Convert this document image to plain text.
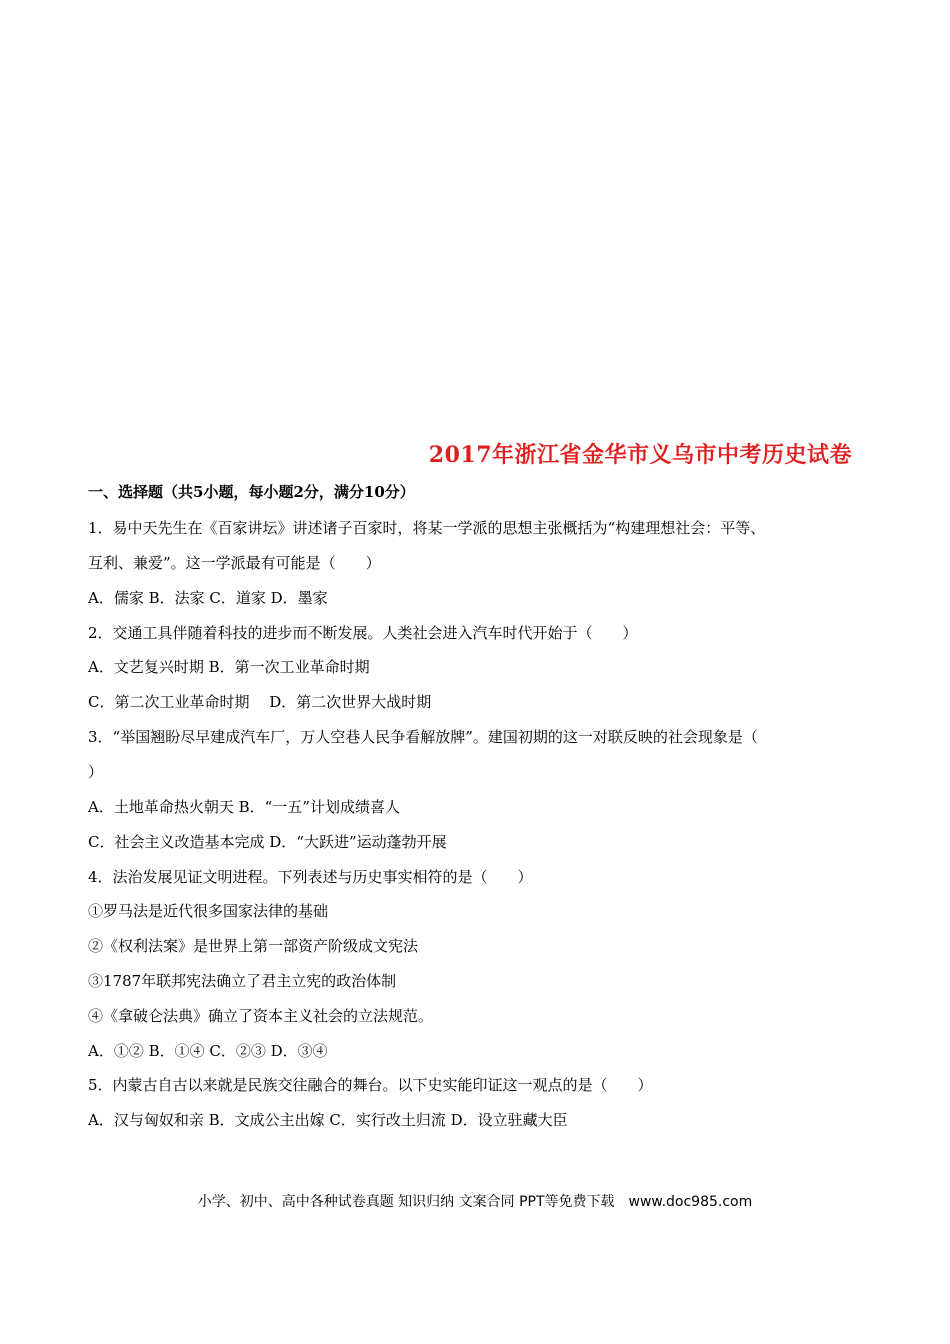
2017年浙江省金华市义乌市中考历史试卷
一、选择题（共5小题，每小题2分，满分10分）
1．易中天先生在《百家讲坛》讲述诸子百家时，将某一学派的思想主张概括为“构建理想社会：平等、
互利、兼爱”。这一学派最有可能是（　　）
A．儒家 B．法家 C．道家 D．墨家
2．交通工具伴随着科技的进步而不断发展。人类社会进入汽车时代开始于（　　）
A．文艺复兴时期 B．第一次工业革命时期
C．第二次工业革命时期　 D．第二次世界大战时期
3．“举国翘盼尽早建成汽车厂，万人空巷人民争看解放牌”。建国初期的这一对联反映的社会现象是（
）
A．土地革命热火朝天 B．“一五”计划成绩喜人
C．社会主义改造基本完成 D．“大跃进”运动蓬勃开展
4．法治发展见证文明进程。下列表述与历史事实相符的是（　　）
①罗马法是近代很多国家法律的基础
②《权利法案》是世界上第一部资产阶级成文宪法
③1787年联邦宪法确立了君主立宪的政治体制
④《拿破仑法典》确立了资本主义社会的立法规范。
A．①② B．①④ C．②③ D．③④
5．内蒙古自古以来就是民族交往融合的舞台。以下史实能印证这一观点的是（　　）
A．汉与匈奴和亲 B．文成公主出嫁 C．实行改土归流 D．设立驻藏大臣
小学、初中、高中各种试卷真题 知识归纳 文案合同 PPT等免费下载　www.doc985.com
